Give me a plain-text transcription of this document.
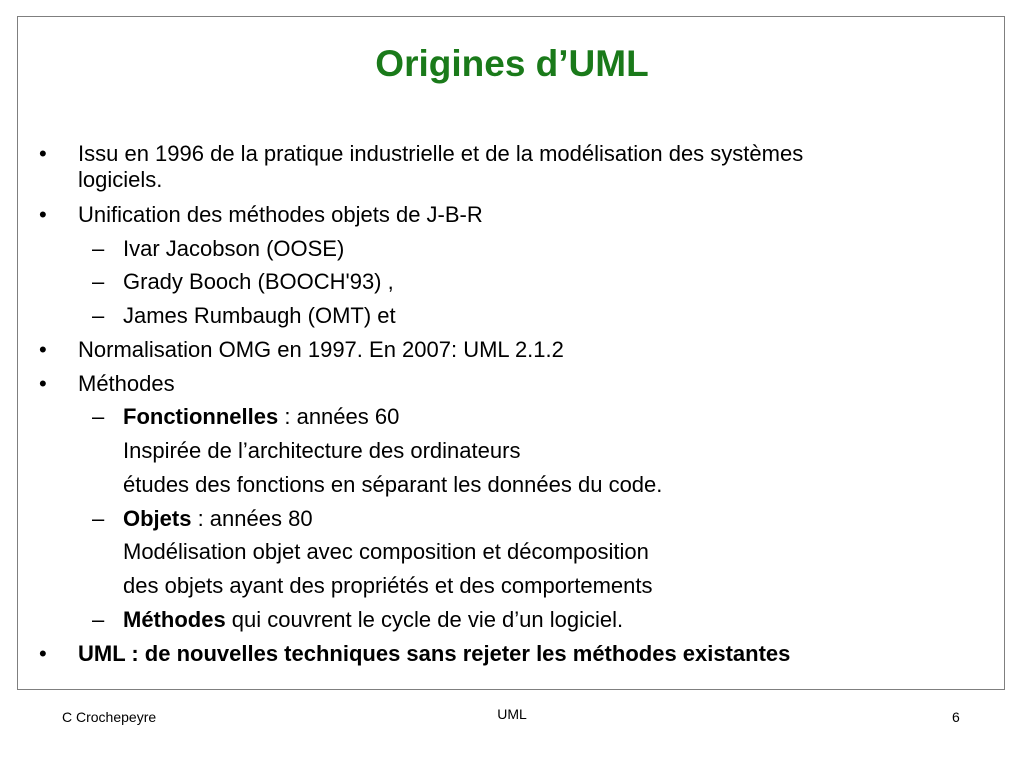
Origines d’UML
• Issu en 1996 de la pratique industrielle et de la modélisation des systèmes
logiciels.
• Unification des méthodes objets de J-B-R
– Ivar Jacobson (OOSE)
– Grady Booch (BOOCH'93) ,
– James Rumbaugh (OMT) et
• Normalisation OMG en 1997. En 2007: UML 2.1.2
• Méthodes
– Fonctionnelles : années 60
Inspirée de l’architecture des ordinateurs
études des fonctions en séparant les données du code.
– Objets : années 80
Modélisation objet avec composition et décomposition
des objets ayant des propriétés et des comportements
– Méthodes qui couvrent le cycle de vie d’un logiciel.
• UML : de nouvelles techniques sans rejeter les méthodes existantes
C Crochepeyre	UML	6
